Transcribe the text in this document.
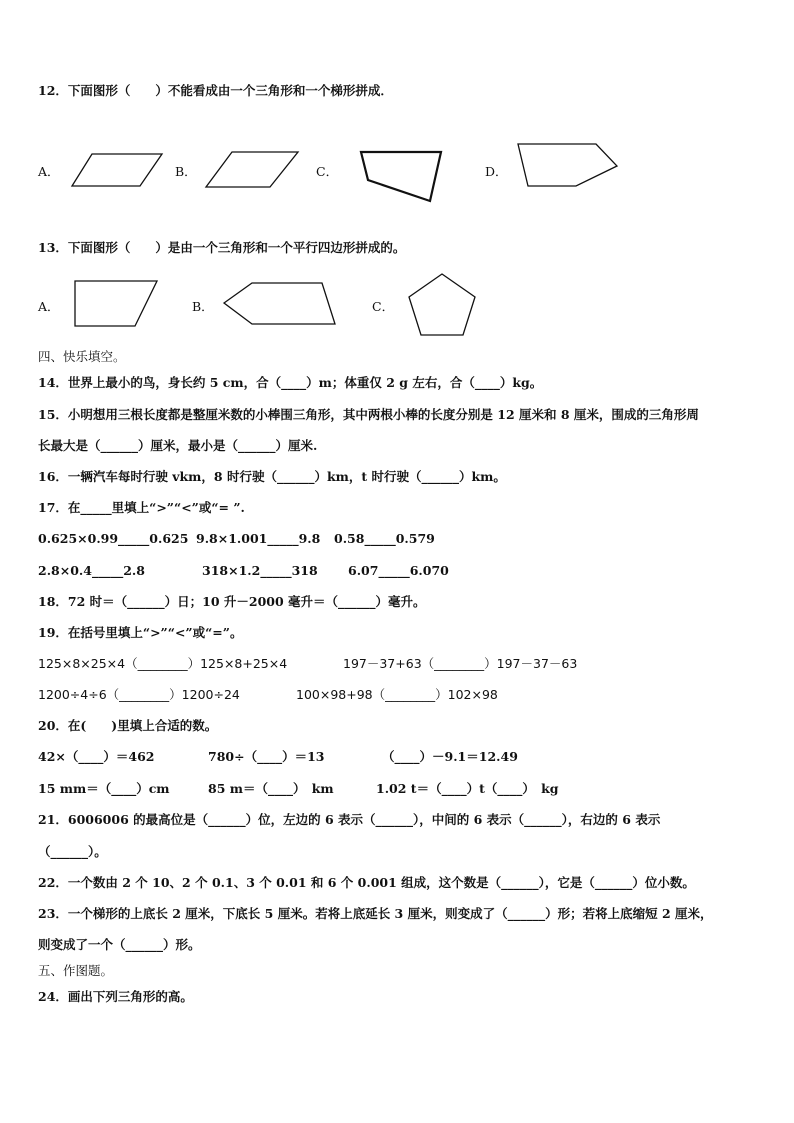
12．下面图形（　　）不能看成由一个三角形和一个梯形拼成．
A．	B．	C．	D．
13．下面图形（　　）是由一个三角形和一个平行四边形拼成的。
A．	B．	C．
四、快乐填空。
14．世界上最小的鸟，身长约 5 cm，合（____）m；体重仅 2 g 左右，合（____）kg。
15．小明想用三根长度都是整厘米数的小棒围三角形，其中两根小棒的长度分别是 12 厘米和 8 厘米，围成的三角形周
长最大是（______）厘米，最小是（______）厘米.
16．一辆汽车每时行驶 vkm，8 时行驶（______）km，t 时行驶（______）km。
17．在_____里填上“>”“<”或“= ”.
0.625×0.99_____0.625 9.8×1.001_____9.8 0.58_____0.579
2.8×0.4_____2.8	318×1.2_____318 6.07_____6.070
18．72 时＝（______）日；10 升－2000 毫升＝（______）毫升。
19．在括号里填上“>”“<”或“=”。
125×8×25×4（________）125×8+25×4	197－37+63（________）197－37－63
1200÷4÷6（________）1200÷24	100×98+98（________）102×98
20．在(　　)里填上合适的数。
42×（____）＝462	780÷（____）＝13	（____）－9.1＝12.49
15 mm＝（____）cm	85 m＝（____）　km	1.02 t＝（____）t（____）　kg
21．6006006 的最高位是（______）位，左边的 6 表示（______），中间的 6 表示（______），右边的 6 表示
（______）。
22．一个数由 2 个 10、2 个 0.1、3 个 0.01 和 6 个 0.001 组成，这个数是（______），它是（______）位小数。
23．一个梯形的上底长 2 厘米，下底长 5 厘米。若将上底延长 3 厘米，则变成了（______）形；若将上底缩短 2 厘米，
则变成了一个（______）形。
五、作图题。
24．画出下列三角形的高。
